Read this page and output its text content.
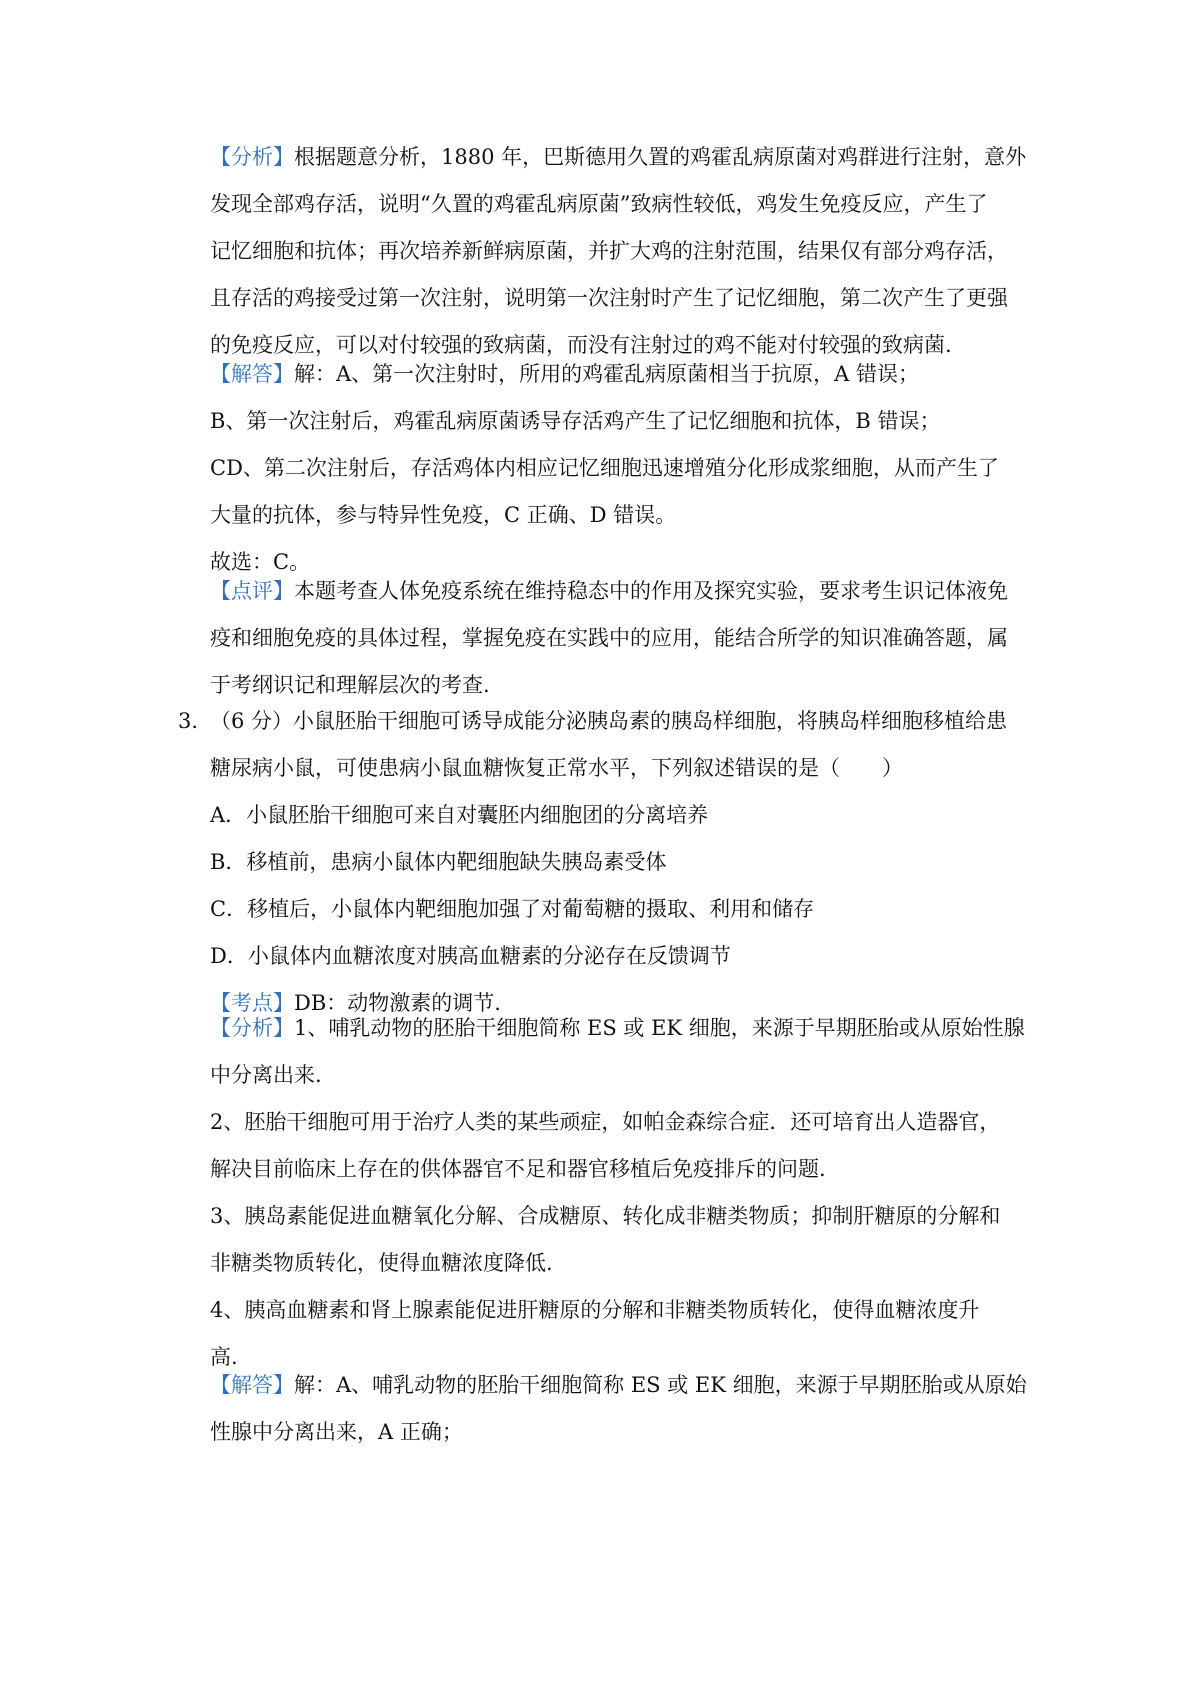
【分析】根据题意分析，1880 年，巴斯德用久置的鸡霍乱病原菌对鸡群进行注射，意外
发现全部鸡存活，说明“久置的鸡霍乱病原菌”致病性较低，鸡发生免疫反应，产生了
记忆细胞和抗体；再次培养新鲜病原菌，并扩大鸡的注射范围，结果仅有部分鸡存活，
且存活的鸡接受过第一次注射，说明第一次注射时产生了记忆细胞，第二次产生了更强
的免疫反应，可以对付较强的致病菌，而没有注射过的鸡不能对付较强的致病菌.
【解答】解：A、第一次注射时，所用的鸡霍乱病原菌相当于抗原，A 错误；
B、第一次注射后，鸡霍乱病原菌诱导存活鸡产生了记忆细胞和抗体，B 错误；
CD、第二次注射后，存活鸡体内相应记忆细胞迅速增殖分化形成浆细胞，从而产生了
大量的抗体，参与特异性免疫，C 正确、D 错误。
故选：C。
【点评】本题考查人体免疫系统在维持稳态中的作用及探究实验，要求考生识记体液免
疫和细胞免疫的具体过程，掌握免疫在实践中的应用，能结合所学的知识准确答题，属
于考纲识记和理解层次的考查.
3. （6 分）小鼠胚胎干细胞可诱导成能分泌胰岛素的胰岛样细胞，将胰岛样细胞移植给患
糖尿病小鼠，可使患病小鼠血糖恢复正常水平，下列叙述错误的是（　　）
A．小鼠胚胎干细胞可来自对囊胚内细胞团的分离培养
B．移植前，患病小鼠体内靶细胞缺失胰岛素受体
C．移植后，小鼠体内靶细胞加强了对葡萄糖的摄取、利用和储存
D．小鼠体内血糖浓度对胰高血糖素的分泌存在反馈调节
【考点】DB：动物激素的调节.
【分析】1、哺乳动物的胚胎干细胞简称 ES 或 EK 细胞，来源于早期胚胎或从原始性腺
中分离出来.
2、胚胎干细胞可用于治疗人类的某些顽症，如帕金森综合症．还可培育出人造器官，
解决目前临床上存在的供体器官不足和器官移植后免疫排斥的问题.
3、胰岛素能促进血糖氧化分解、合成糖原、转化成非糖类物质；抑制肝糖原的分解和
非糖类物质转化，使得血糖浓度降低.
4、胰高血糖素和肾上腺素能促进肝糖原的分解和非糖类物质转化，使得血糖浓度升
高.
【解答】解：A、哺乳动物的胚胎干细胞简称 ES 或 EK 细胞，来源于早期胚胎或从原始
性腺中分离出来，A 正确；
